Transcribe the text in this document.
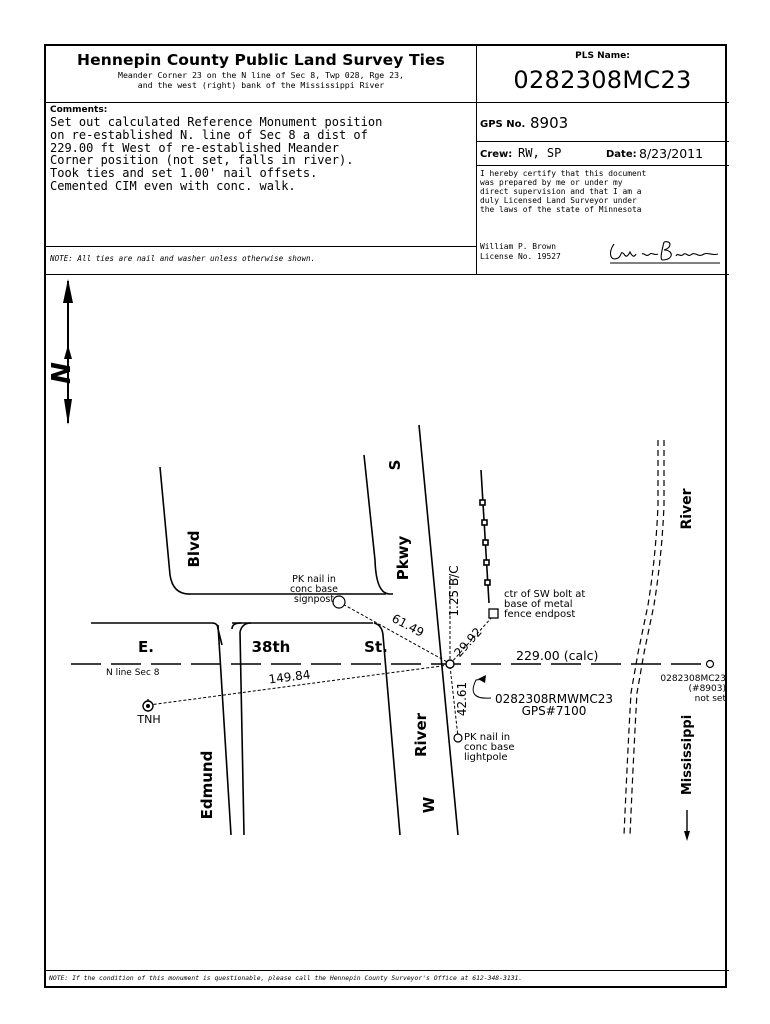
Hennepin County Public Land Survey Ties
Meander Corner 23 on the N line of Sec 8, Twp 028, Rge 23,
and the west (right) bank of the Mississippi River
PLS Name:
0282308MC23
Comments:
Set out calculated Reference Monument position
on re-established N. line of Sec 8 a dist of
229.00 ft West of re-established Meander
Corner position (not set, falls in river).
Took ties and set 1.00' nail offsets.
Cemented CIM even with conc. walk.
GPS No. 8903
Crew: RW, SP	Date: 8/23/2011
I hereby certify that this document
was prepared by me or under my
direct supervision and that I am a
duly Licensed Land Surveyor under
the laws of the state of Minnesota
William P. Brown
License No. 19527
NOTE: All ties are nail and washer unless otherwise shown.
N
Blvd
E.	38th	St.
Pkwy
S
Edmund
River
W
River
Mississippi
N line Sec 8
PK nail in
conc base
signpost
61.49
1.25 B/C	ctr of SW bolt at
base of metal
fence endpost
29.92	229.00 (calc)
0282308MC23
(#8903)
not set
TNH
149.84
0282308RMWMC23
GPS#7100
42.61
PK nail in
conc base
lightpole
NOTE: If the condition of this monument is questionable, please call the Hennepin County Surveyor's Office at 612-348-3131.
